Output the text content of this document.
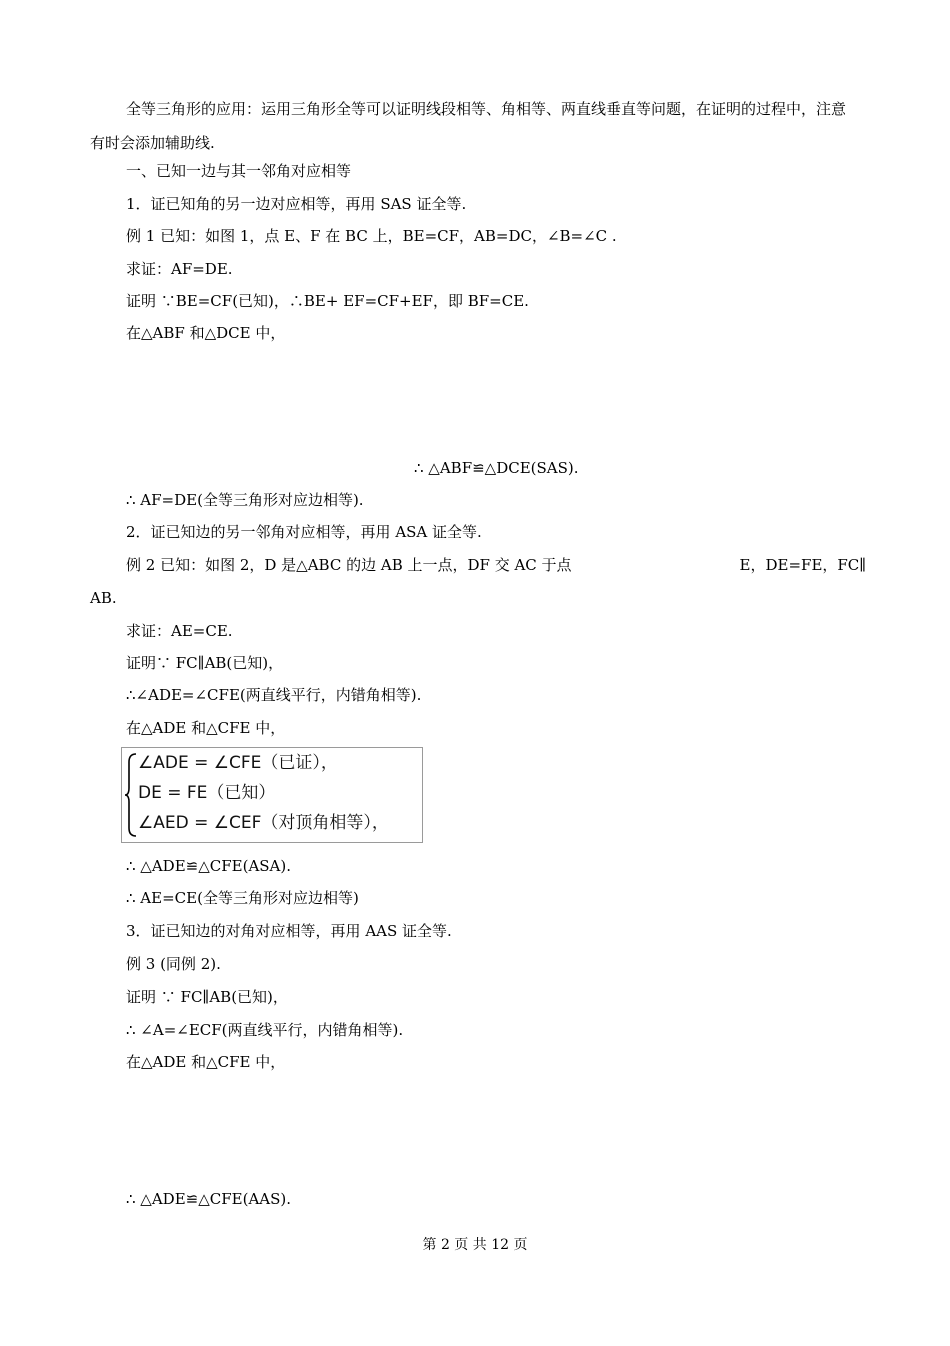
全等三角形的应用：运用三角形全等可以证明线段相等、角相等、两直线垂直等问题，在证明的过程中，注意有时会添加辅助线.
一、已知一边与其一邻角对应相等
1．证已知角的另一边对应相等，再用 SAS 证全等.
例 1 已知：如图 1，点 E、F 在 BC 上，BE=CF，AB=DC，∠B=∠C .
求证：AF=DE.
证明 ∵BE=CF(已知)，∴BE+ EF=CF+EF，即 BF=CE.
在△ABF 和△DCE 中，
∴ △ABF≌△DCE(SAS).
∴ AF=DE(全等三角形对应边相等).
2．证已知边的另一邻角对应相等，再用 ASA 证全等.
例 2 已知：如图 2，D 是△ABC 的边 AB 上一点，DF 交 AC 于点	E，DE=FE，FC∥
AB.
求证：AE=CE.
证明∵ FC∥AB(已知)，
∴∠ADE=∠CFE(两直线平行，内错角相等).
在△ADE 和△CFE 中，
∠ADE = ∠CFE（已证），
DE = FE（已知）
∠AED = ∠CEF（对顶角相等），
∴ △ADE≌△CFE(ASA).
∴ AE=CE(全等三角形对应边相等)
3．证已知边的对角对应相等，再用 AAS 证全等.
例 3 (同例 2).
证明 ∵ FC∥AB(已知)，
∴ ∠A=∠ECF(两直线平行，内错角相等).
在△ADE 和△CFE 中，
∴ △ADE≌△CFE(AAS).
第 2 页 共 12 页
